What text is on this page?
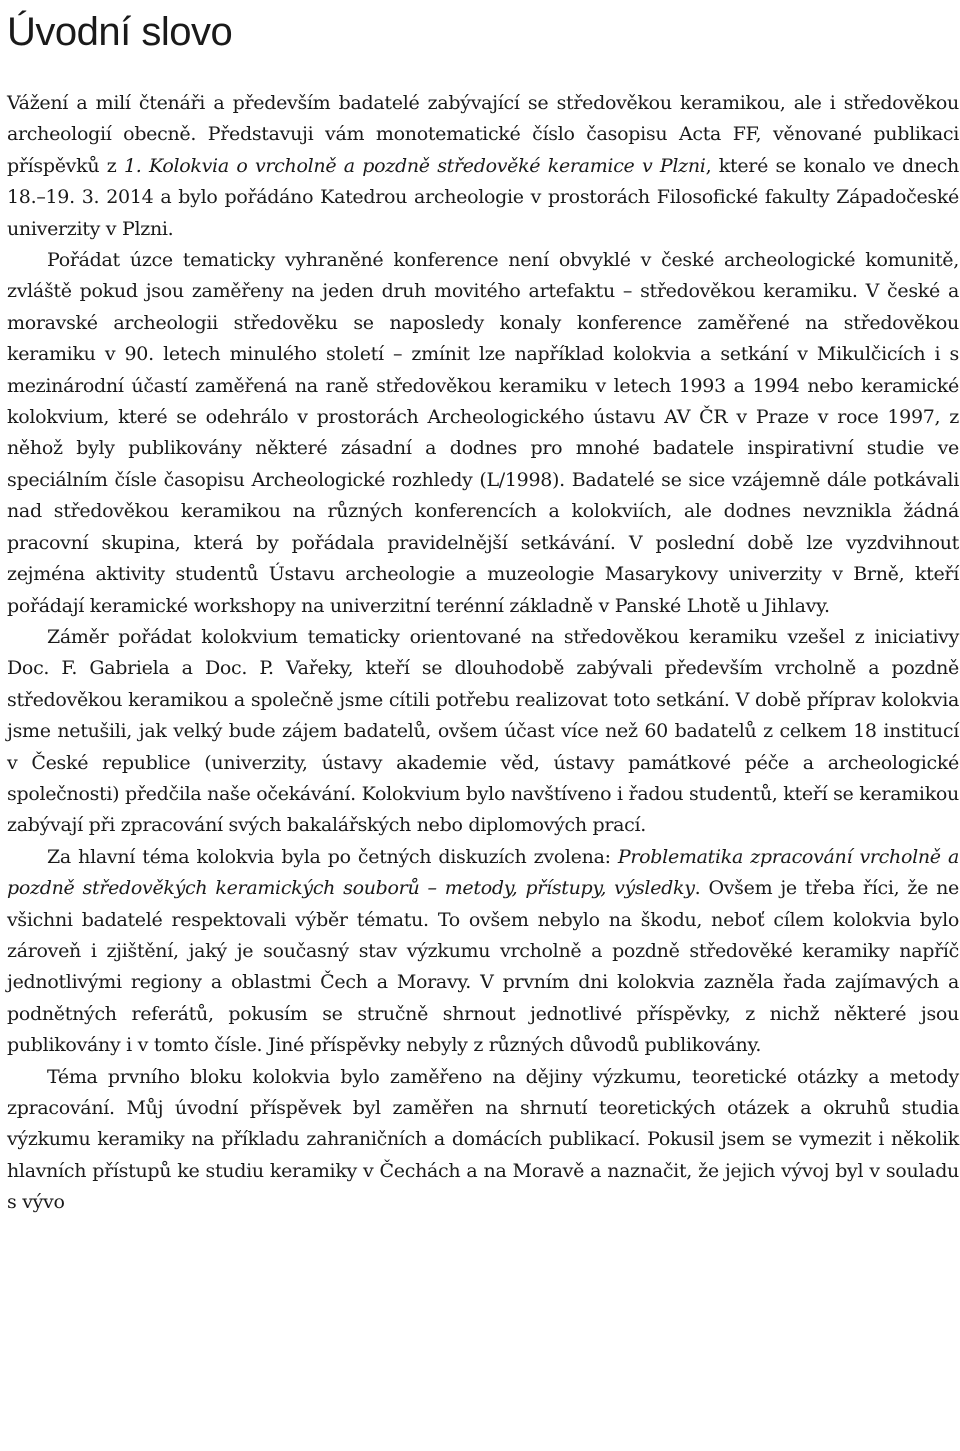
Úvodní slovo

Vážení a milí čtenáři a především badatelé zabývající se středověkou keramikou, ale i středověkou archeologií obecně. Představuji vám monotematické číslo časopisu Acta FF, věnované publikaci příspěvků z 1. Kolokvia o vrcholně a pozdně středověké keramice v Plzni, které se konalo ve dnech 18.–19. 3. 2014 a bylo pořádáno Katedrou archeologie v prostorách Filosofické fakulty Západočeské univerzity v Plzni.

Pořádat úzce tematicky vyhraněné konference není obvyklé v české archeologické komunitě, zvláště pokud jsou zaměřeny na jeden druh movitého artefaktu – středověkou keramiku. V české a moravské archeologii středověku se naposledy konaly konference zaměřené na středověkou keramiku v 90. letech minulého století – zmínit lze například kolokvia a setkání v Mikulčicích i s mezinárodní účastí zaměřená na raně středověkou keramiku v letech 1993 a 1994 nebo keramické kolokvium, které se odehrálo v prostorách Archeologického ústavu AV ČR v Praze v roce 1997, z něhož byly publikovány některé zásadní a dodnes pro mnohé badatele inspirativní studie ve speciálním čísle časopisu Archeologické rozhledy (L/1998). Badatelé se sice vzájemně dále potkávali nad středověkou keramikou na různých konferencích a kolokviích, ale dodnes nevznikla žádná pracovní skupina, která by pořádala pravidelnější setkávání. V poslední době lze vyzdvihnout zejména aktivity studentů Ústavu archeologie a muzeologie Masarykovy univerzity v Brně, kteří pořádají keramické workshopy na univerzitní terénní základně v Panské Lhotě u Jihlavy.

Záměr pořádat kolokvium tematicky orientované na středověkou keramiku vzešel z iniciativy Doc. F. Gabriela a Doc. P. Vařeky, kteří se dlouhodobě zabývali především vrcholně a pozdně středověkou keramikou a společně jsme cítili potřebu realizovat toto setkání. V době příprav kolokvia jsme netušili, jak velký bude zájem badatelů, ovšem účast více než 60 badatelů z celkem 18 institucí v České republice (univerzity, ústavy akademie věd, ústavy památkové péče a archeologické společnosti) předčila naše očekávání. Kolokvium bylo navštíveno i řadou studentů, kteří se keramikou zabývají při zpracování svých bakalářských nebo diplomových prací.

Za hlavní téma kolokvia byla po četných diskuzích zvolena: Problematika zpracování vrcholně a pozdně středověkých keramických souborů – metody, přístupy, výsledky. Ovšem je třeba říci, že ne všichni badatelé respektovali výběr tématu. To ovšem nebylo na škodu, neboť cílem kolokvia bylo zároveň i zjištění, jaký je současný stav výzkumu vrcholně a pozdně středověké keramiky napříč jednotlivými regiony a oblastmi Čech a Moravy. V prvním dni kolokvia zazněla řada zajímavých a podnětných referátů, pokusím se stručně shrnout jednotlivé příspěvky, z nichž některé jsou publikovány i v tomto čísle. Jiné příspěvky nebyly z různých důvodů publikovány.

Téma prvního bloku kolokvia bylo zaměřeno na dějiny výzkumu, teoretické otázky a metody zpracování. Můj úvodní příspěvek byl zaměřen na shrnutí teoretických otázek a okruhů studia výzkumu keramiky na příkladu zahraničních a domácích publikací. Pokusil jsem se vymezit i několik hlavních přístupů ke studiu keramiky v Čechách a na Moravě a naznačit, že jejich vývoj byl v souladu s vývo
